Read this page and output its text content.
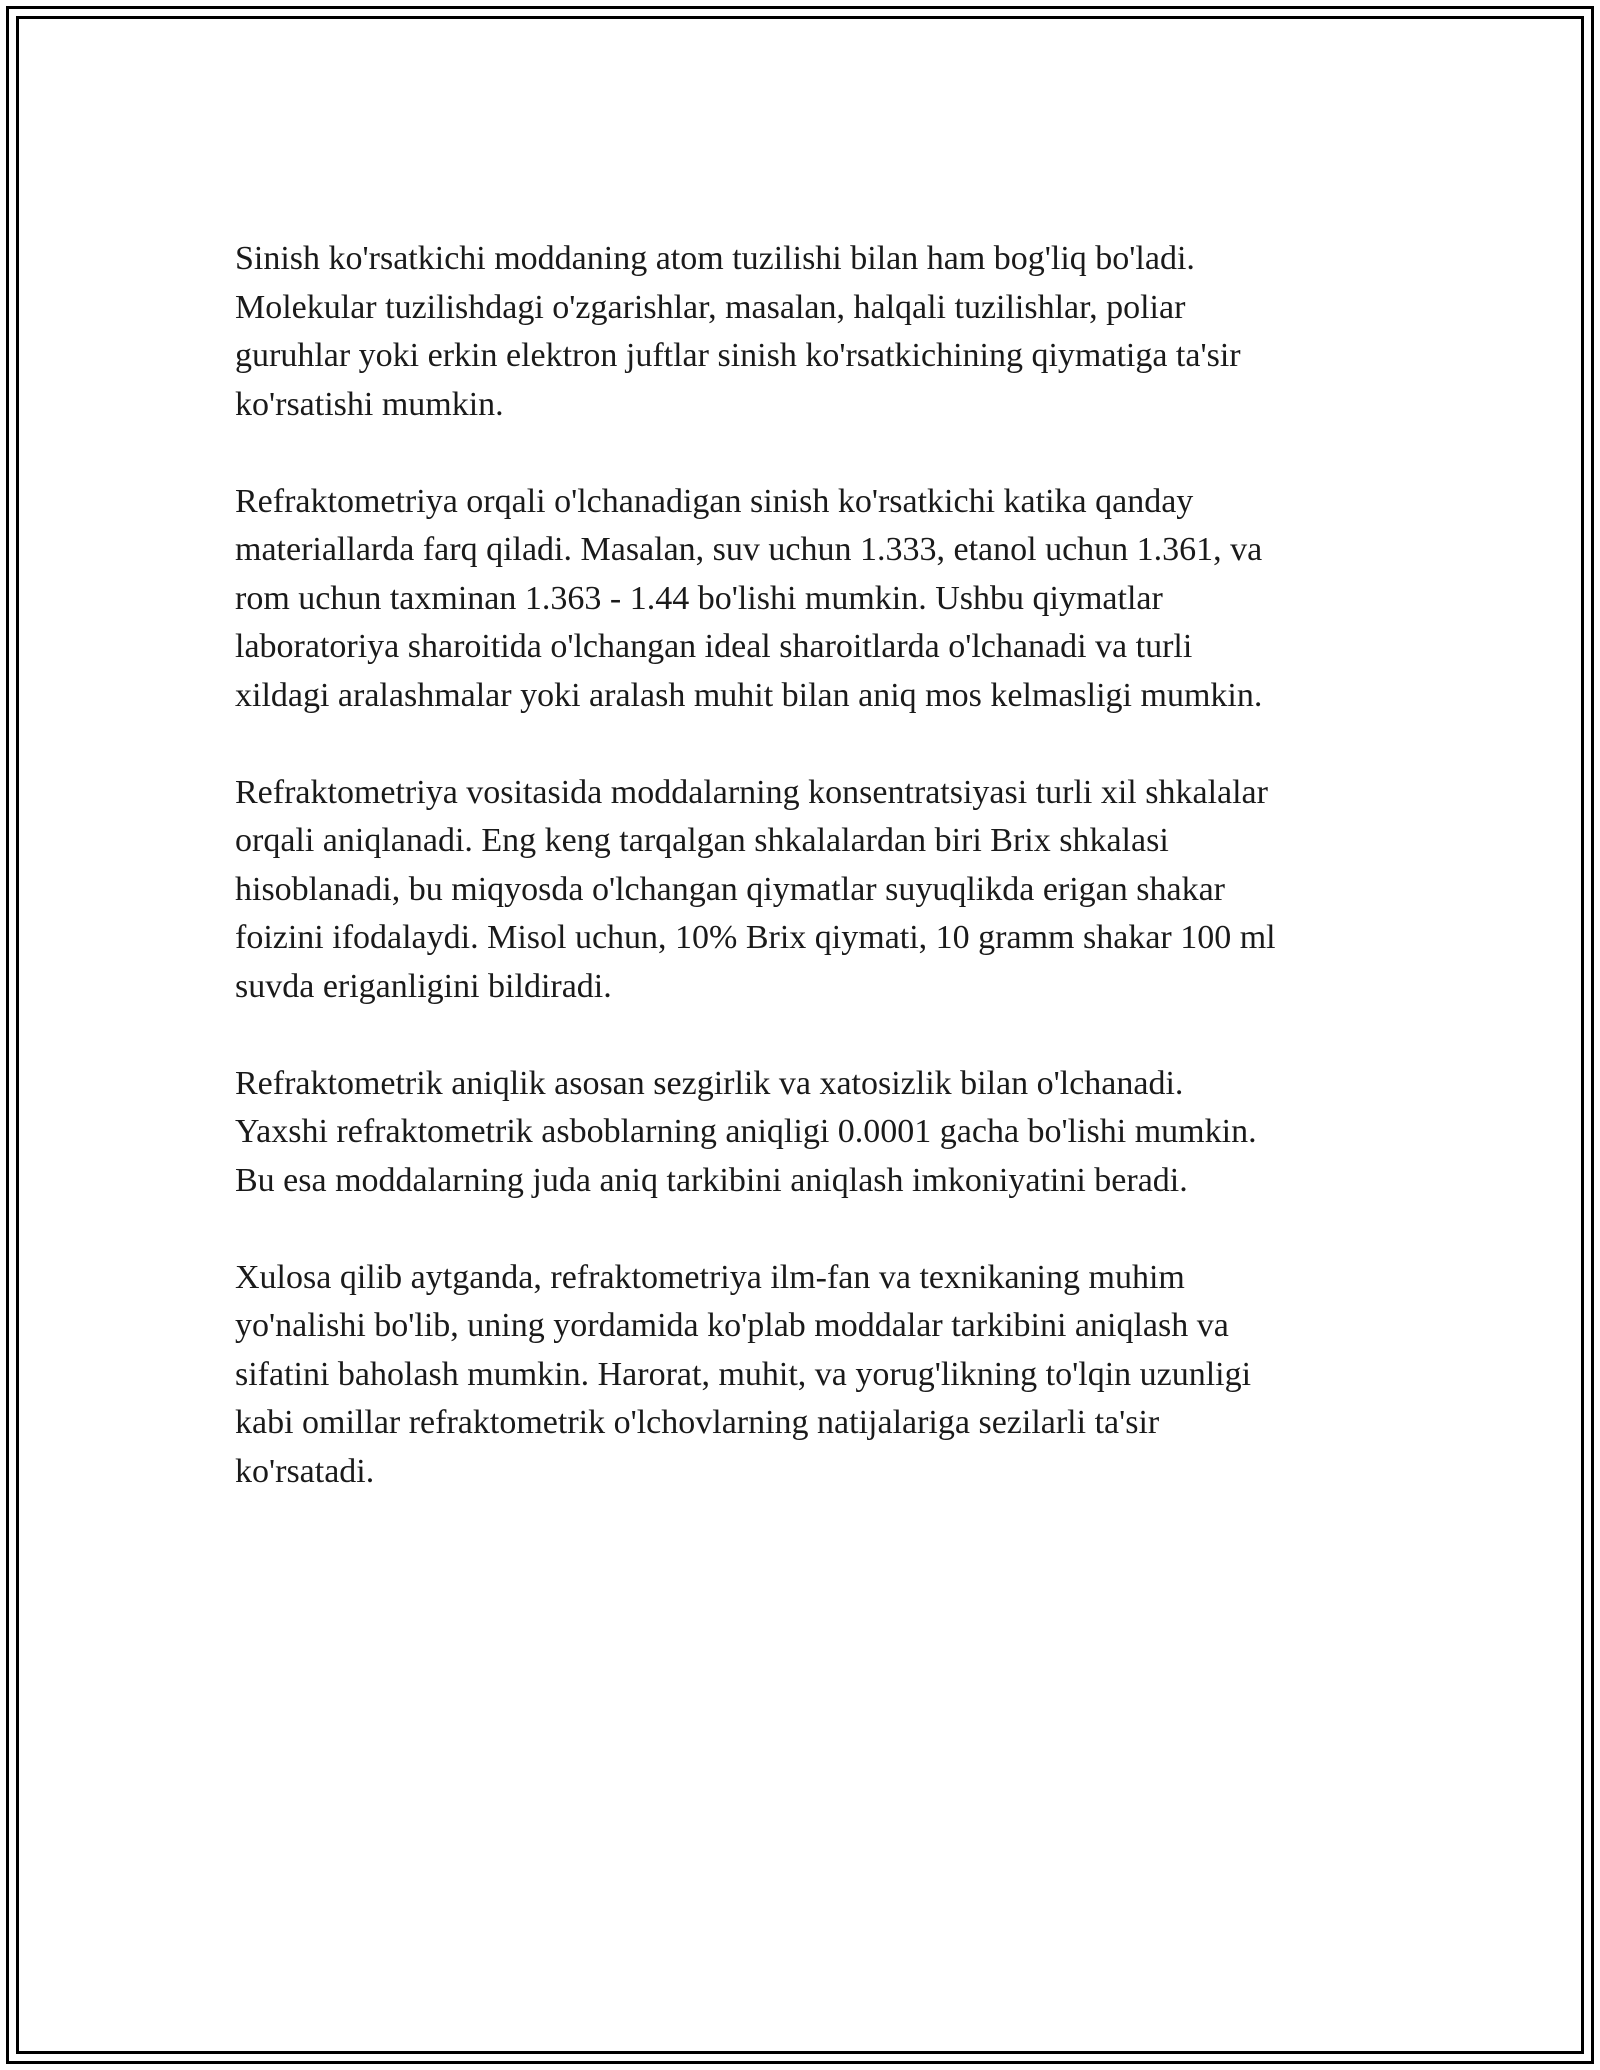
Sinish ko'rsatkichi moddaning atom tuzilishi bilan ham bog'liq bo'ladi.
Molekular tuzilishdagi o'zgarishlar, masalan, halqali tuzilishlar, poliar
guruhlar yoki erkin elektron juftlar sinish ko'rsatkichining qiymatiga ta'sir
ko'rsatishi mumkin.

Refraktometriya orqali o'lchanadigan sinish ko'rsatkichi katika qanday
materiallarda farq qiladi. Masalan, suv uchun 1.333, etanol uchun 1.361, va
rom uchun taxminan 1.363 - 1.44 bo'lishi mumkin. Ushbu qiymatlar
laboratoriya sharoitida o'lchangan ideal sharoitlarda o'lchanadi va turli
xildagi aralashmalar yoki aralash muhit bilan aniq mos kelmasligi mumkin.

Refraktometriya vositasida moddalarning konsentratsiyasi turli xil shkalalar
orqali aniqlanadi. Eng keng tarqalgan shkalalardan biri Brix shkalasi
hisoblanadi, bu miqyosda o'lchangan qiymatlar suyuqlikda erigan shakar
foizini ifodalaydi. Misol uchun, 10% Brix qiymati, 10 gramm shakar 100 ml
suvda eriganligini bildiradi.

Refraktometrik aniqlik asosan sezgirlik va xatosizlik bilan o'lchanadi.
Yaxshi refraktometrik asboblarning aniqligi 0.0001 gacha bo'lishi mumkin.
Bu esa moddalarning juda aniq tarkibini aniqlash imkoniyatini beradi.

Xulosa qilib aytganda, refraktometriya ilm-fan va texnikaning muhim
yo'nalishi bo'lib, uning yordamida ko'plab moddalar tarkibini aniqlash va
sifatini baholash mumkin. Harorat, muhit, va yorug'likning to'lqin uzunligi
kabi omillar refraktometrik o'lchovlarning natijalariga sezilarli ta'sir
ko'rsatadi.
